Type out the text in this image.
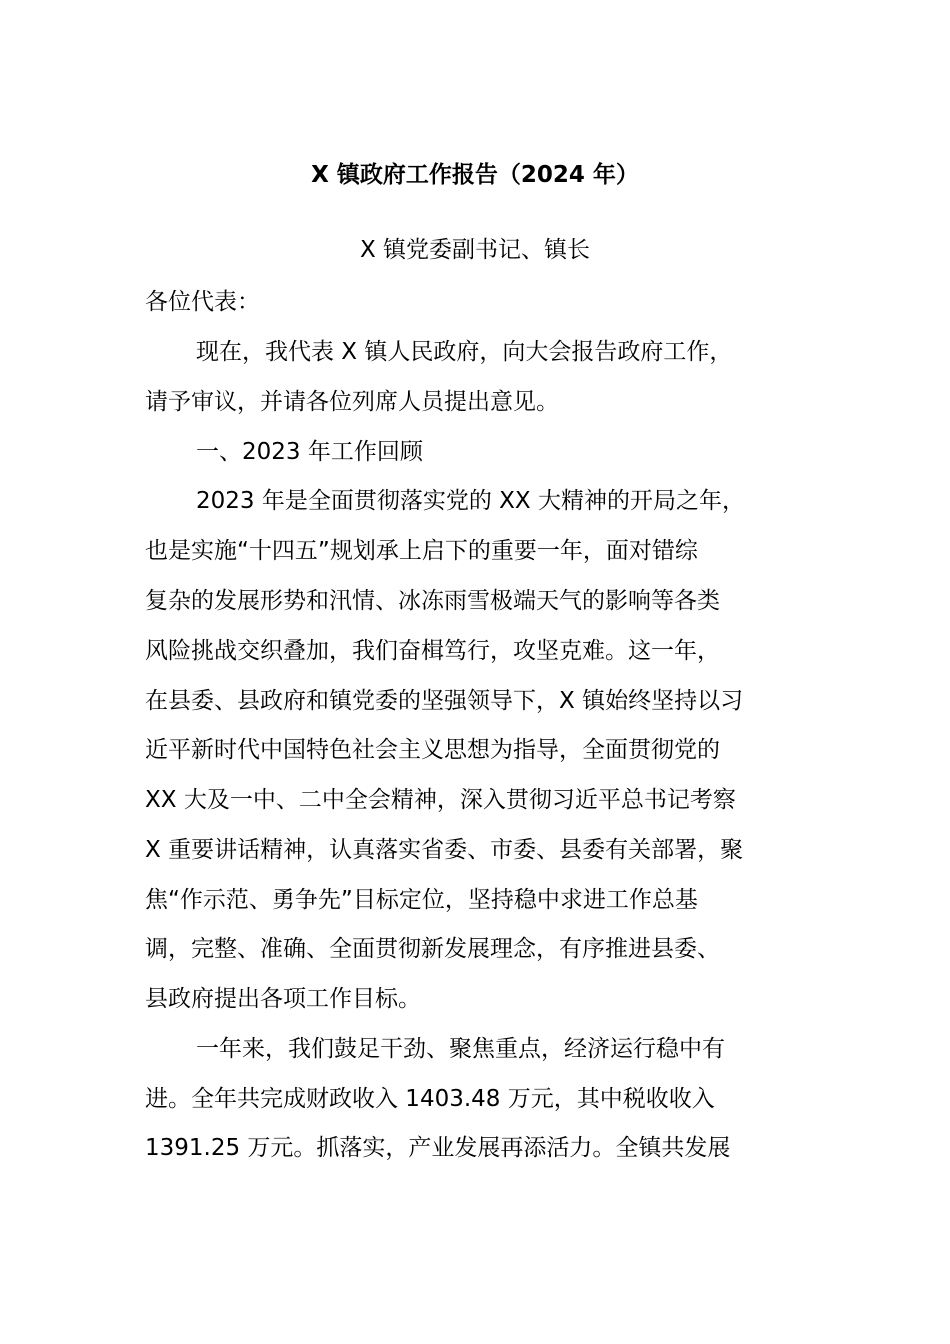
X 镇政府工作报告（2024 年）

X 镇党委副书记、镇长

各位代表：

现在，我代表 X 镇人民政府，向大会报告政府工作，

请予审议，并请各位列席人员提出意见。

一、2023 年工作回顾

2023 年是全面贯彻落实党的 XX 大精神的开局之年，

也是实施“十四五”规划承上启下的重要一年，面对错综

复杂的发展形势和汛情、冰冻雨雪极端天气的影响等各类

风险挑战交织叠加，我们奋楫笃行，攻坚克难。这一年，

在县委、县政府和镇党委的坚强领导下，X 镇始终坚持以习

近平新时代中国特色社会主义思想为指导，全面贯彻党的

XX 大及一中、二中全会精神，深入贯彻习近平总书记考察

X 重要讲话精神，认真落实省委、市委、县委有关部署，聚

焦“作示范、勇争先”目标定位，坚持稳中求进工作总基

调，完整、准确、全面贯彻新发展理念，有序推进县委、

县政府提出各项工作目标。

一年来，我们鼓足干劲、聚焦重点，经济运行稳中有

进。全年共完成财政收入 1403.48 万元，其中税收收入

1391.25 万元。抓落实，产业发展再添活力。全镇共发展
